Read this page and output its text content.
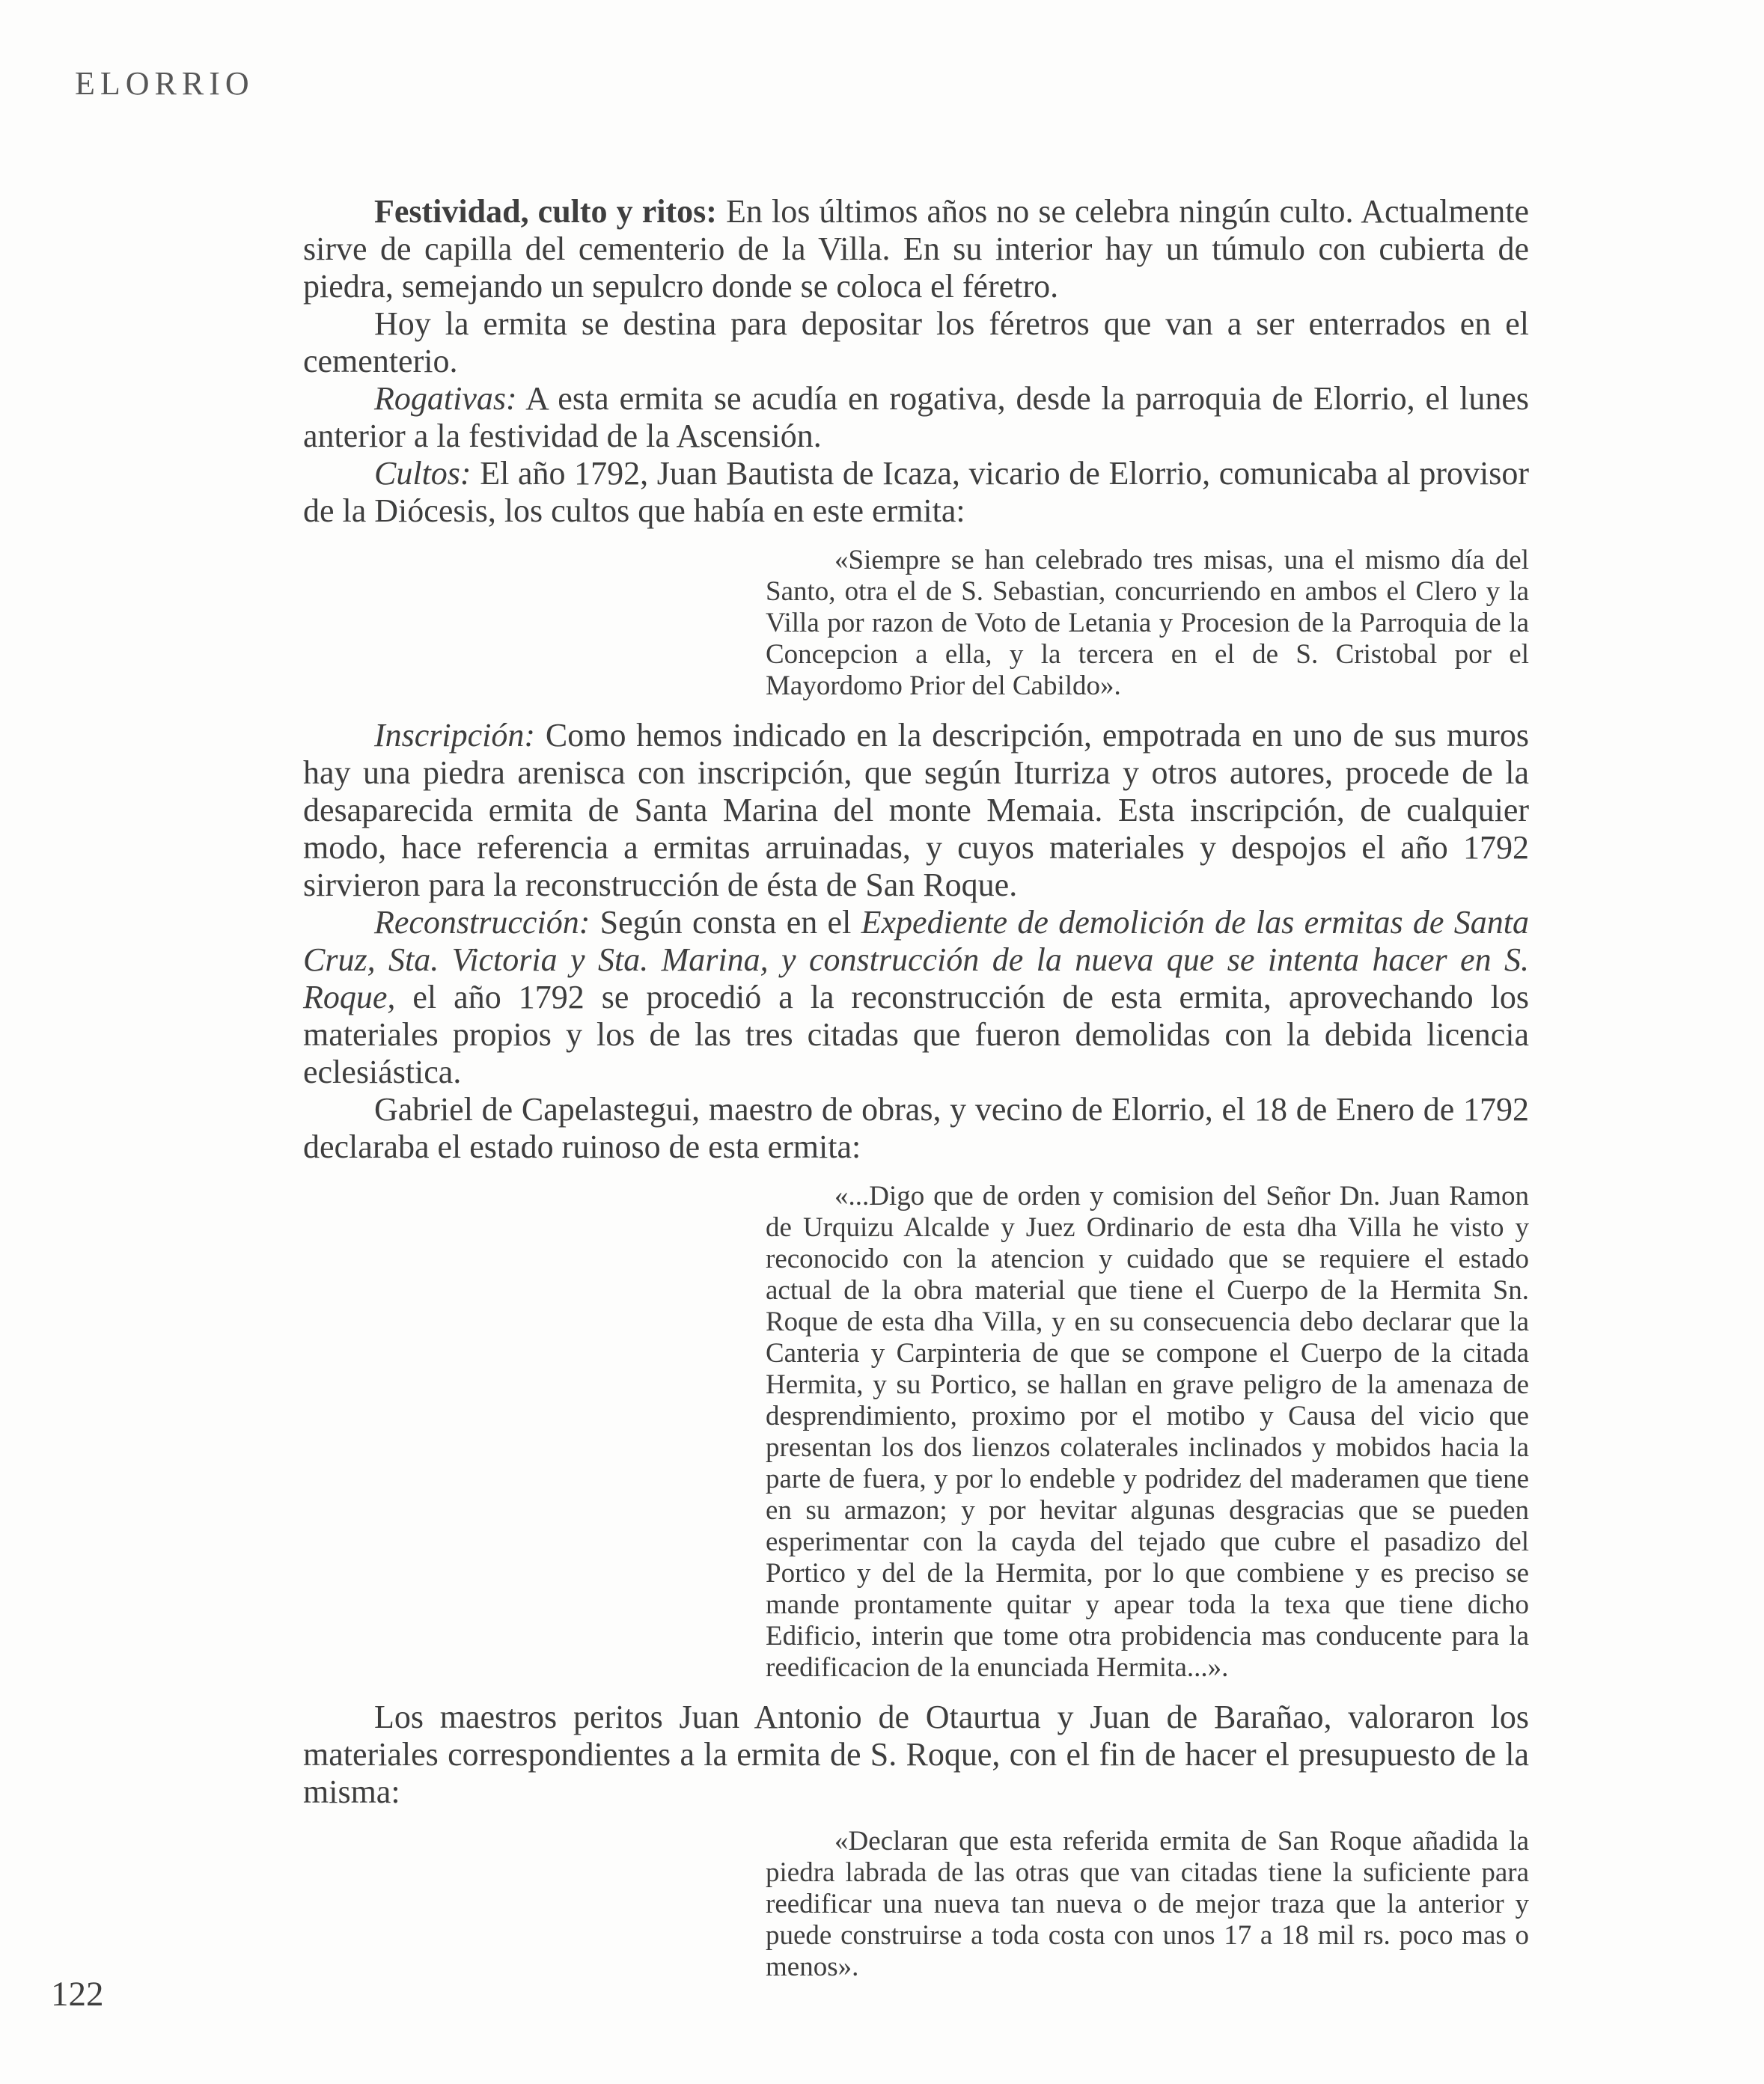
ELORRIO

Festividad, culto y ritos: En los últimos años no se celebra ningún culto. Actualmente sirve de capilla del cementerio de la Villa. En su interior hay un túmulo con cubierta de piedra, semejando un sepulcro donde se coloca el féretro.

Hoy la ermita se destina para depositar los féretros que van a ser enterrados en el cementerio.

Rogativas: A esta ermita se acudía en rogativa, desde la parroquia de Elorrio, el lunes anterior a la festividad de la Ascensión.

Cultos: El año 1792, Juan Bautista de Icaza, vicario de Elorrio, comunicaba al provisor de la Diócesis, los cultos que había en este ermita:

«Siempre se han celebrado tres misas, una el mismo día del Santo, otra el de S. Sebastian, concurriendo en ambos el Clero y la Villa por razon de Voto de Letania y Procesion de la Parroquia de la Concepcion a ella, y la tercera en el de S. Cristobal por el Mayordomo Prior del Cabildo».

Inscripción: Como hemos indicado en la descripción, empotrada en uno de sus muros hay una piedra arenisca con inscripción, que según Iturriza y otros autores, procede de la desaparecida ermita de Santa Marina del monte Memaia. Esta inscripción, de cualquier modo, hace referencia a ermitas arruinadas, y cuyos materiales y despojos el año 1792 sirvieron para la reconstrucción de ésta de San Roque.

Reconstrucción: Según consta en el Expediente de demolición de las ermitas de Santa Cruz, Sta. Victoria y Sta. Marina, y construcción de la nueva que se intenta hacer en S. Roque, el año 1792 se procedió a la reconstrucción de esta ermita, aprovechando los materiales propios y los de las tres citadas que fueron demolidas con la debida licencia eclesiástica.

Gabriel de Capelastegui, maestro de obras, y vecino de Elorrio, el 18 de Enero de 1792 declaraba el estado ruinoso de esta ermita:

«...Digo que de orden y comision del Señor Dn. Juan Ramon de Urquizu Alcalde y Juez Ordinario de esta dha Villa he visto y reconocido con la atencion y cuidado que se requiere el estado actual de la obra material que tiene el Cuerpo de la Hermita Sn. Roque de esta dha Villa, y en su consecuencia debo declarar que la Canteria y Carpinteria de que se compone el Cuerpo de la citada Hermita, y su Portico, se hallan en grave peligro de la amenaza de desprendimiento, proximo por el motibo y Causa del vicio que presentan los dos lienzos colaterales inclinados y mobidos hacia la parte de fuera, y por lo endeble y podridez del maderamen que tiene en su armazon; y por hevitar algunas desgracias que se pueden esperimentar con la cayda del tejado que cubre el pasadizo del Portico y del de la Hermita, por lo que combiene y es preciso se mande prontamente quitar y apear toda la texa que tiene dicho Edificio, interin que tome otra probidencia mas conducente para la reedificacion de la enunciada Hermita...».

Los maestros peritos Juan Antonio de Otaurtua y Juan de Barañao, valoraron los materiales correspondientes a la ermita de S. Roque, con el fin de hacer el presupuesto de la misma:

«Declaran que esta referida ermita de San Roque añadida la piedra labrada de las otras que van citadas tiene la suficiente para reedificar una nueva tan nueva o de mejor traza que la anterior y puede construirse a toda costa con unos 17 a 18 mil rs. poco mas o menos».

122
